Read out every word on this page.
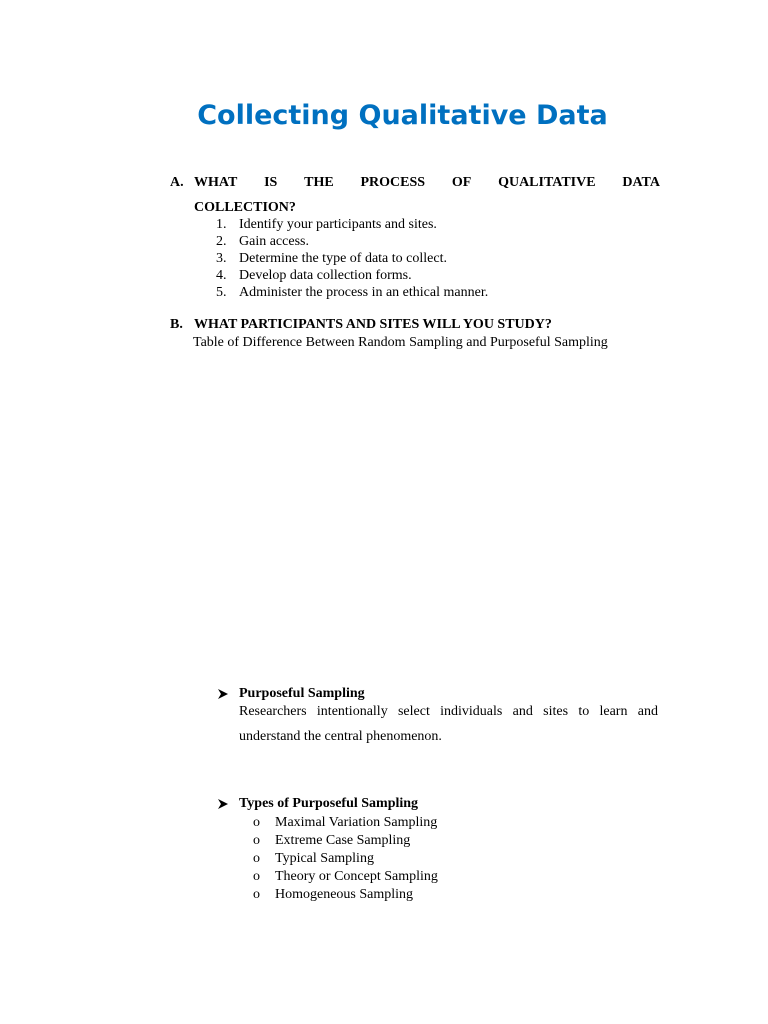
Collecting Qualitative Data
A. WHAT IS THE PROCESS OF QUALITATIVE DATA
COLLECTION?
1. Identify your participants and sites.
2. Gain access.
3. Determine the type of data to collect.
4. Develop data collection forms.
5. Administer the process in an ethical manner.
B. WHAT PARTICIPANTS AND SITES WILL YOU STUDY?
Table of Difference Between Random Sampling and Purposeful Sampling
Purposeful Sampling
Researchers intentionally select individuals and sites to learn and
understand the central phenomenon.
Types of Purposeful Sampling
o Maximal Variation Sampling
o Extreme Case Sampling
o Typical Sampling
o Theory or Concept Sampling
o Homogeneous Sampling
